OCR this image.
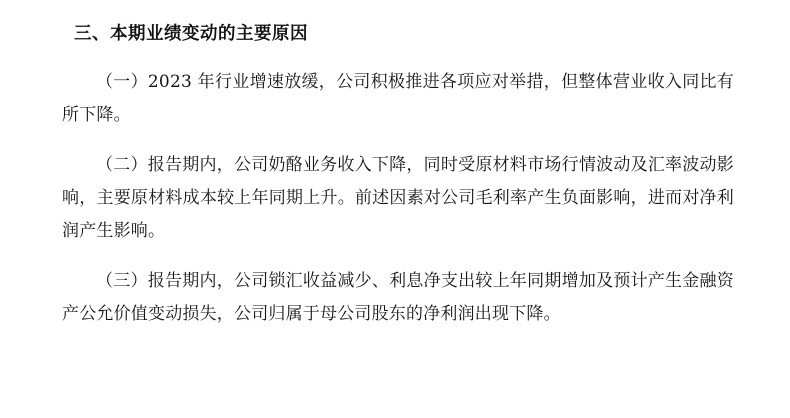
三、本期业绩变动的主要原因

（一）2023 年行业增速放缓，公司积极推进各项应对举措，但整体营业收入同比有所下降。

（二）报告期内，公司奶酪业务收入下降，同时受原材料市场行情波动及汇率波动影响，主要原材料成本较上年同期上升。前述因素对公司毛利率产生负面影响，进而对净利润产生影响。

（三）报告期内，公司锁汇收益减少、利息净支出较上年同期增加及预计产生金融资产公允价值变动损失，公司归属于母公司股东的净利润出现下降。
